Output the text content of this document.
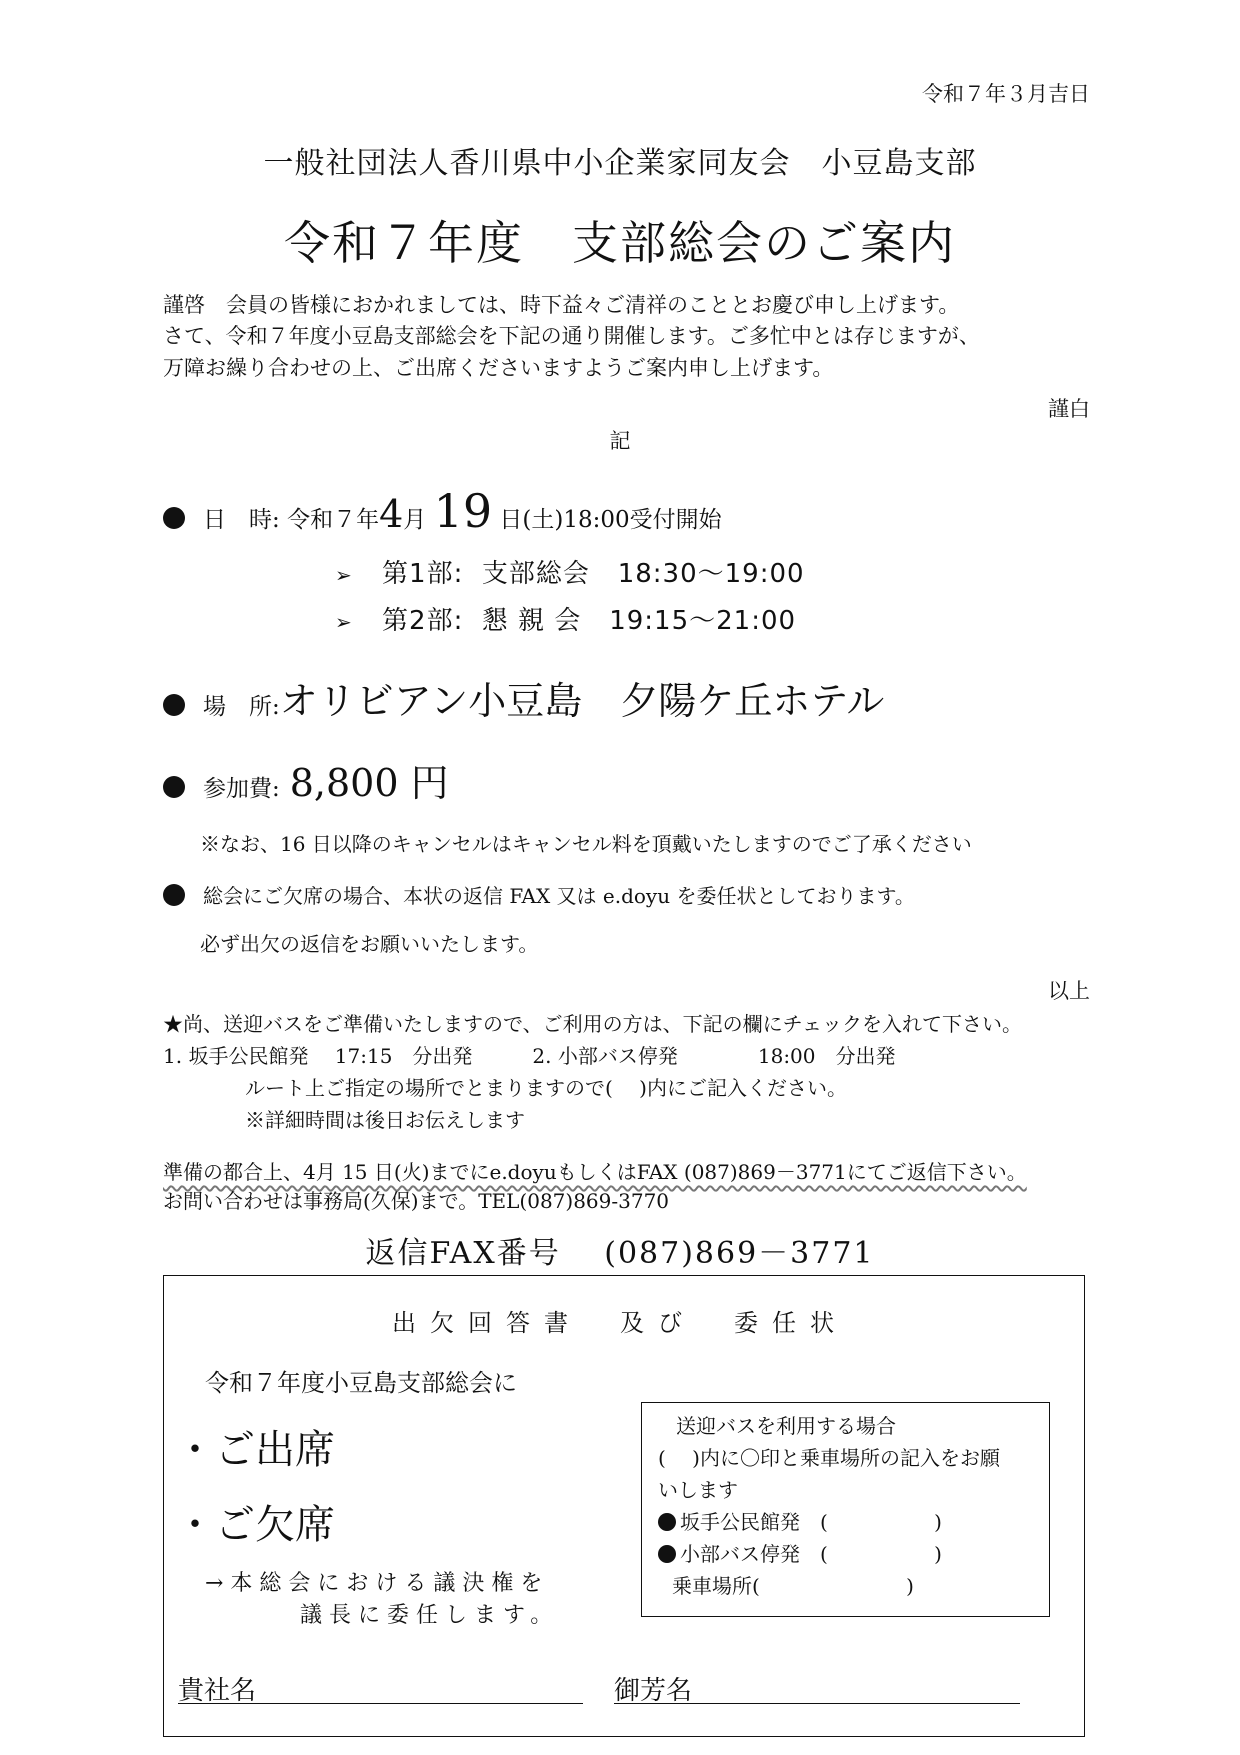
令和７年３月吉日
一般社団法人香川県中小企業家同友会　小豆島支部
令和７年度　支部総会のご案内
謹啓　会員の皆様におかれましては、時下益々ご清祥のこととお慶び申し上げます。
さて、令和７年度小豆島支部総会を下記の通り開催します。ご多忙中とは存じますが、
万障お繰り合わせの上、ご出席くださいますようご案内申し上げます。
謹白
記
日　時: 令和７年4月 19 日(土)18:00受付開始
➢ 第1部: 支部総会 18:30〜19:00
➢ 第2部: 懇 親 会 19:15〜21:00
場　所:オリビアン小豆島　夕陽ケ丘ホテル
参加費: 8,800 円
※なお、16 日以降のキャンセルはキャンセル料を頂戴いたしますのでご了承ください
総会にご欠席の場合、本状の返信 FAX 又は e.doyu を委任状としております。
必ず出欠の返信をお願いいたします。
以上
★尚、送迎バスをご準備いたしますので、ご利用の方は、下記の欄にチェックを入れて下さい。
1. 坂手公民館発　 17:15　分出発　　　2. 小部バス停発　　　　18:00　分出発
ルート上ご指定の場所でとまりますので(　 )内にご記入ください。
※詳細時間は後日お伝えします
準備の都合上、4月 15 日(火)までにe.doyuもしくはFAX (087)869－3771にてご返信下さい。
お問い合わせは事務局(久保)まで。TEL(087)869-3770
返信FAX番号　 (087)869－3771
出欠回答書　及び　委任状
令和７年度小豆島支部総会に
・ご出席
・ご欠席
→本総会における議決権を
議長に委任します。
送迎バスを利用する場合
(　 )内に〇印と乗車場所の記入をお願
いします
坂手公民館発　(　　　　　 )
小部バス停発　(　　　　　 )
乗車場所(　　　　　　　 )
貴社名	御芳名
